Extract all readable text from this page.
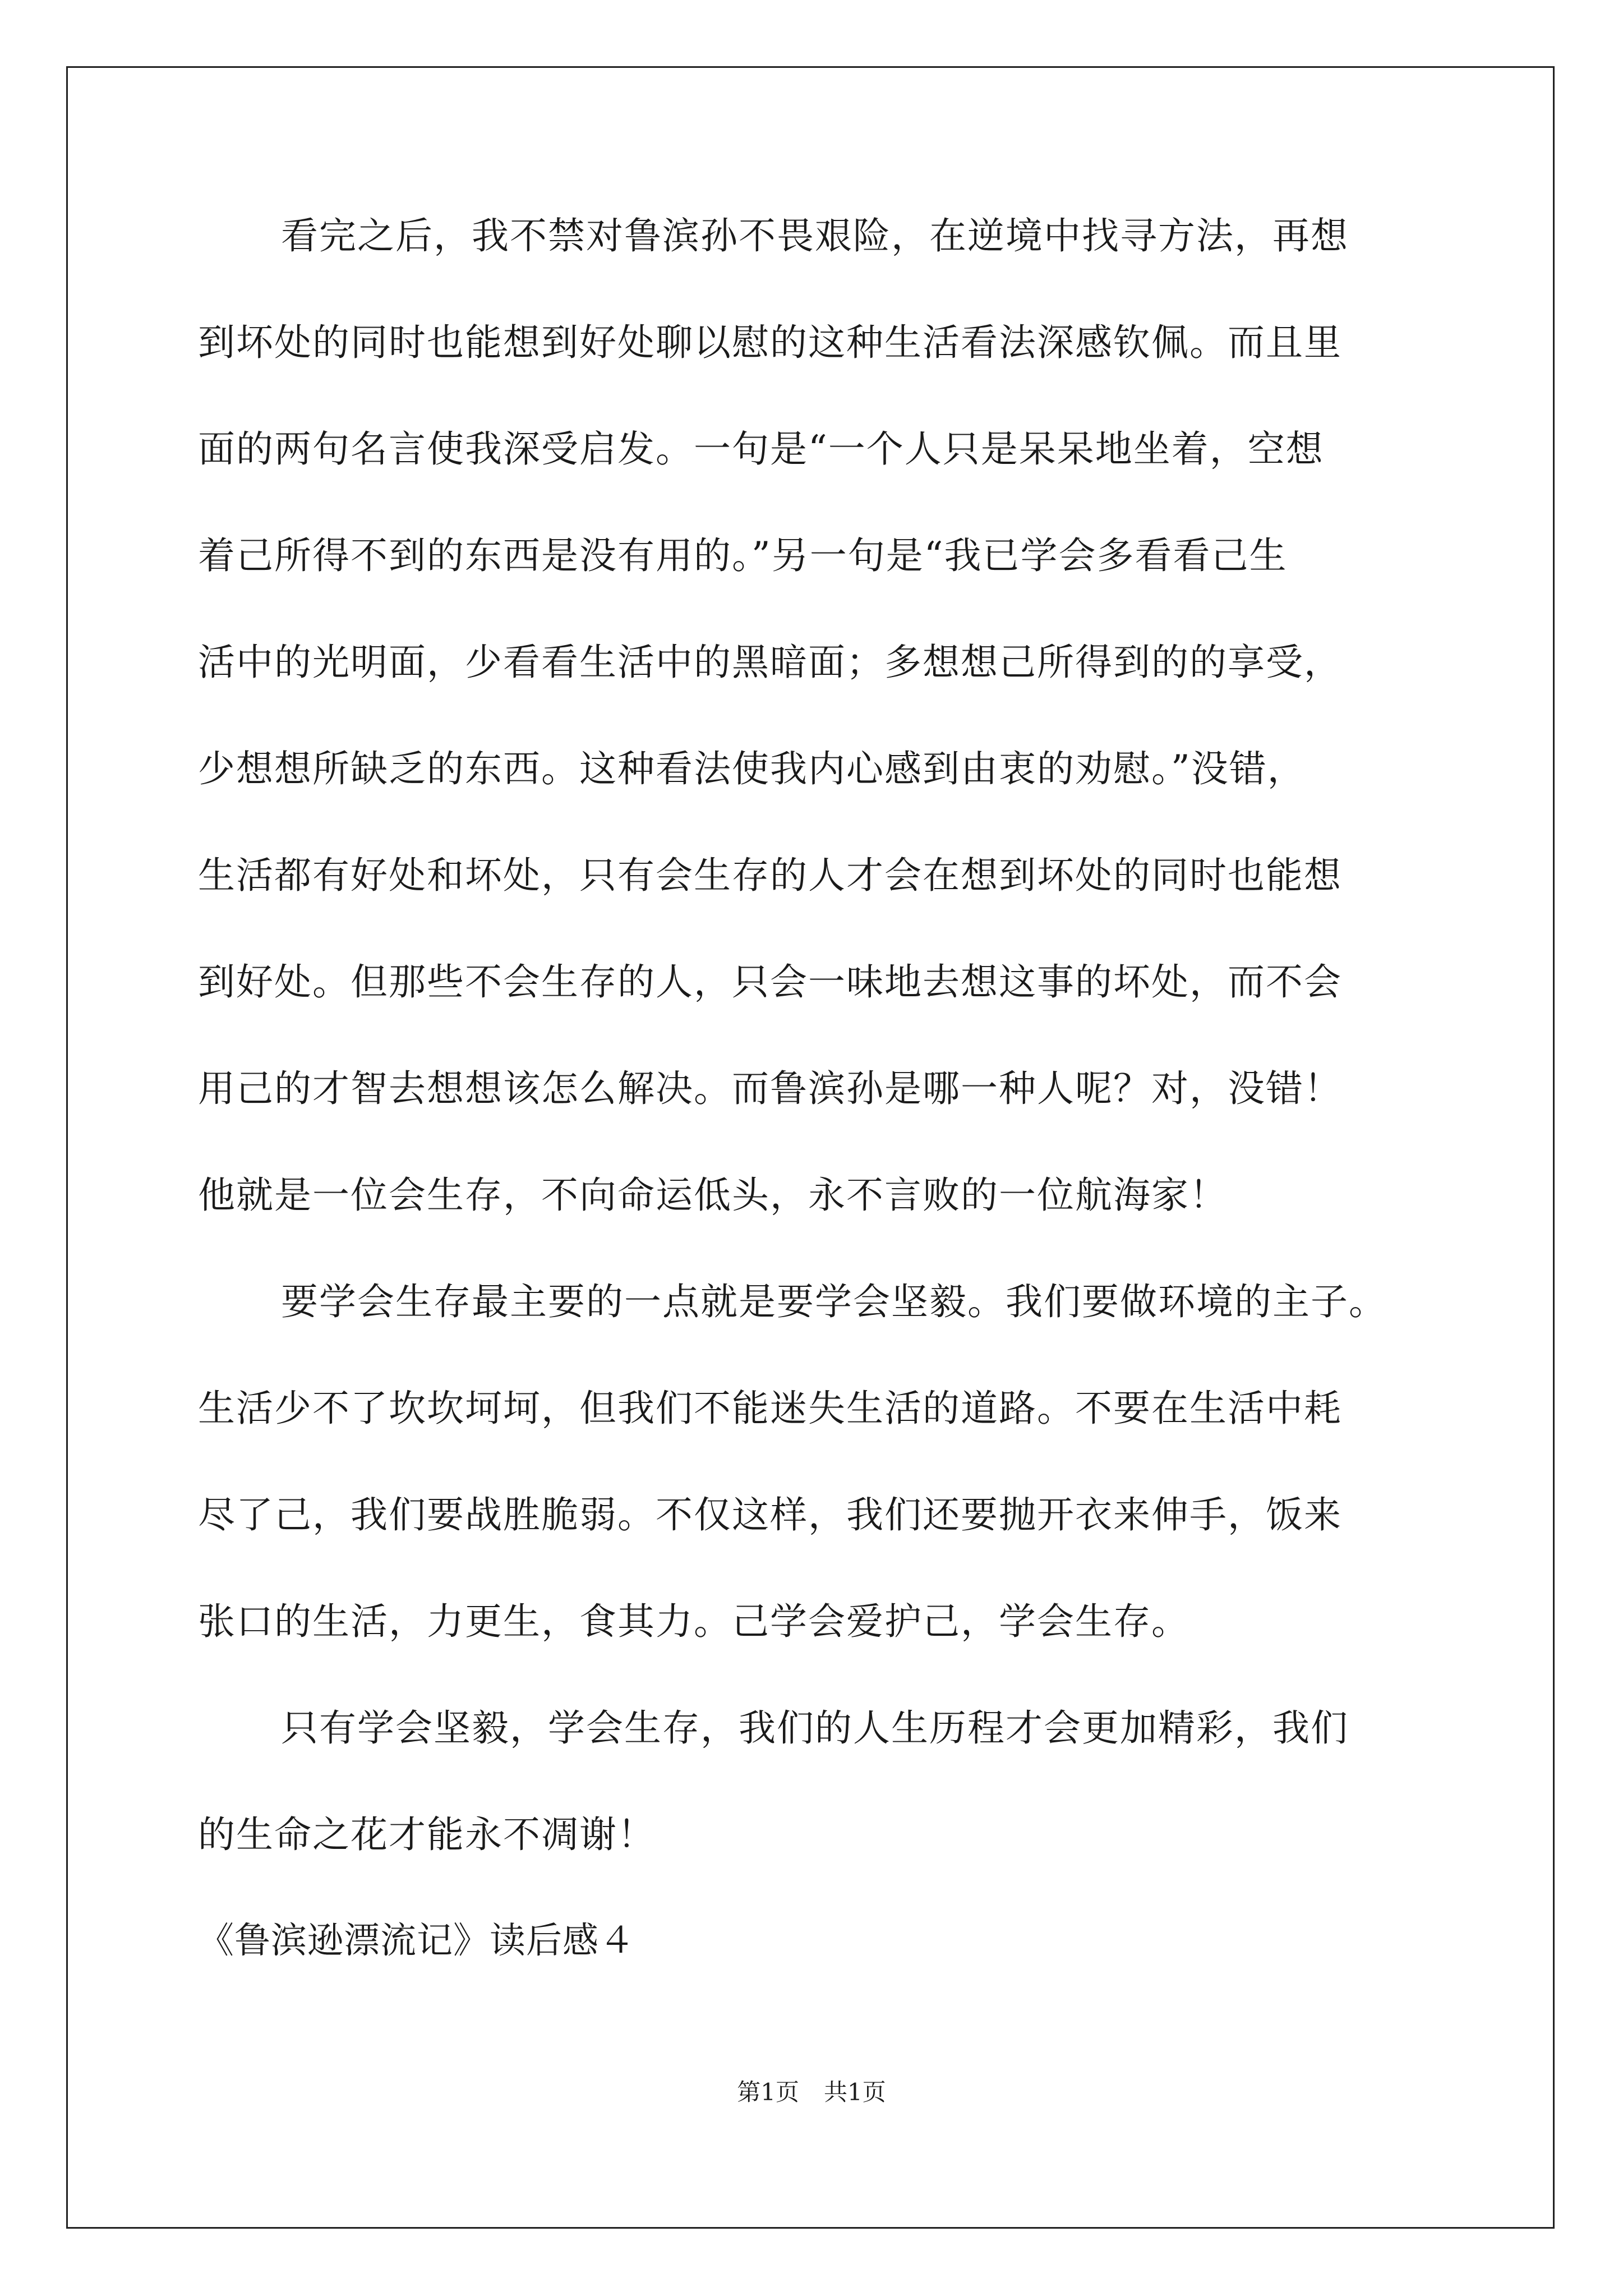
看完之后，我不禁对鲁滨孙不畏艰险，在逆境中找寻方法，再想
到坏处的同时也能想到好处聊以慰的这种生活看法深感钦佩。而且里
面的两句名言使我深受启发。一句是“一个人只是呆呆地坐着，空想
着己所得不到的东西是没有用的。”另一句是“我已学会多看看己生
活中的光明面，少看看生活中的黑暗面；多想想己所得到的的享受，
少想想所缺乏的东西。这种看法使我内心感到由衷的劝慰。”没错，
生活都有好处和坏处，只有会生存的人才会在想到坏处的同时也能想
到好处。但那些不会生存的人，只会一味地去想这事的坏处，而不会
用己的才智去想想该怎么解决。而鲁滨孙是哪一种人呢？对，没错！
他就是一位会生存，不向命运低头，永不言败的一位航海家！
要学会生存最主要的一点就是要学会坚毅。我们要做环境的主子。
生活少不了坎坎坷坷，但我们不能迷失生活的道路。不要在生活中耗
尽了己，我们要战胜脆弱。不仅这样，我们还要抛开衣来伸手，饭来
张口的生活，力更生，食其力。己学会爱护己，学会生存。
只有学会坚毅，学会生存，我们的人生历程才会更加精彩，我们
的生命之花才能永不凋谢！
《鲁滨逊漂流记》读后感４
第1页 共1页
